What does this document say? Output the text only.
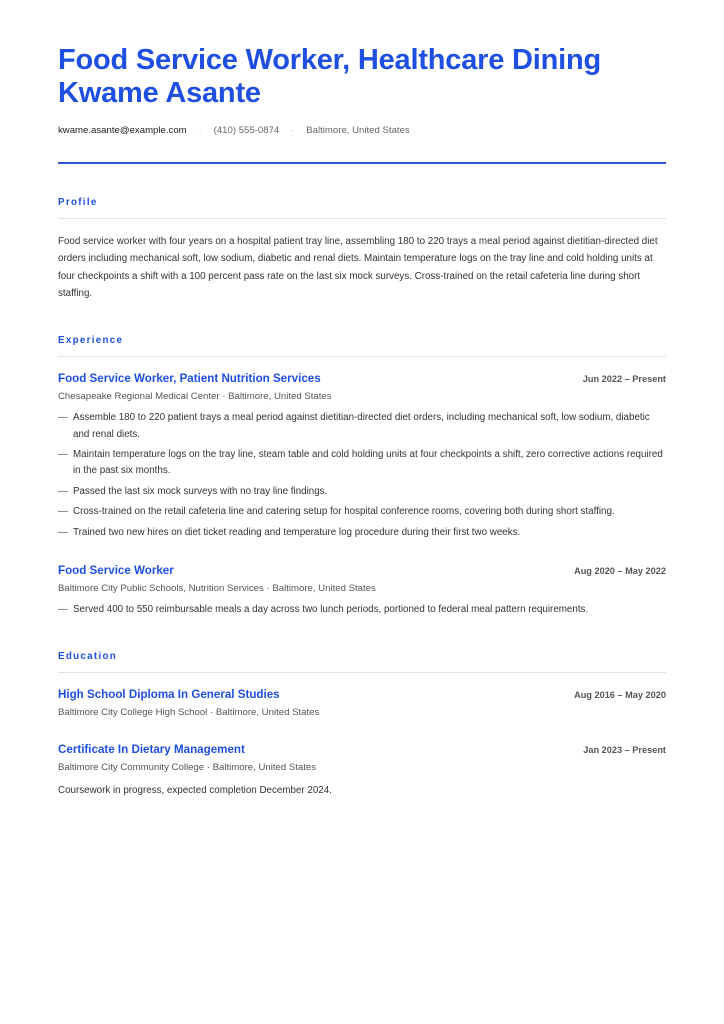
Food Service Worker, Healthcare Dining
Kwame Asante
kwame.asante@example.com · (410) 555-0874 · Baltimore, United States
Profile

Food service worker with four years on a hospital patient tray line, assembling 180 to 220 trays a meal period against dietitian-directed diet orders including mechanical soft, low sodium, diabetic and renal diets. Maintain temperature logs on the tray line and cold holding units at four checkpoints a shift with a 100 percent pass rate on the last six mock surveys. Cross-trained on the retail cafeteria line during short staffing.

Experience
Food Service Worker, Patient Nutrition Services	Jun 2022 – Present
Chesapeake Regional Medical Center · Baltimore, United States
— Assemble 180 to 220 patient trays a meal period against dietitian-directed diet orders, including mechanical soft, low sodium, diabetic and renal diets.
— Maintain temperature logs on the tray line, steam table and cold holding units at four checkpoints a shift, zero corrective actions required in the past six months.
— Passed the last six mock surveys with no tray line findings.
— Cross-trained on the retail cafeteria line and catering setup for hospital conference rooms, covering both during short staffing.
— Trained two new hires on diet ticket reading and temperature log procedure during their first two weeks.
Food Service Worker	Aug 2020 – May 2022
Baltimore City Public Schools, Nutrition Services · Baltimore, United States
— Served 400 to 550 reimbursable meals a day across two lunch periods, portioned to federal meal pattern requirements.
Education
High School Diploma In General Studies	Aug 2016 – May 2020
Baltimore City College High School · Baltimore, United States
Certificate In Dietary Management	Jan 2023 – Present
Baltimore City Community College · Baltimore, United States
Coursework in progress, expected completion December 2024.
